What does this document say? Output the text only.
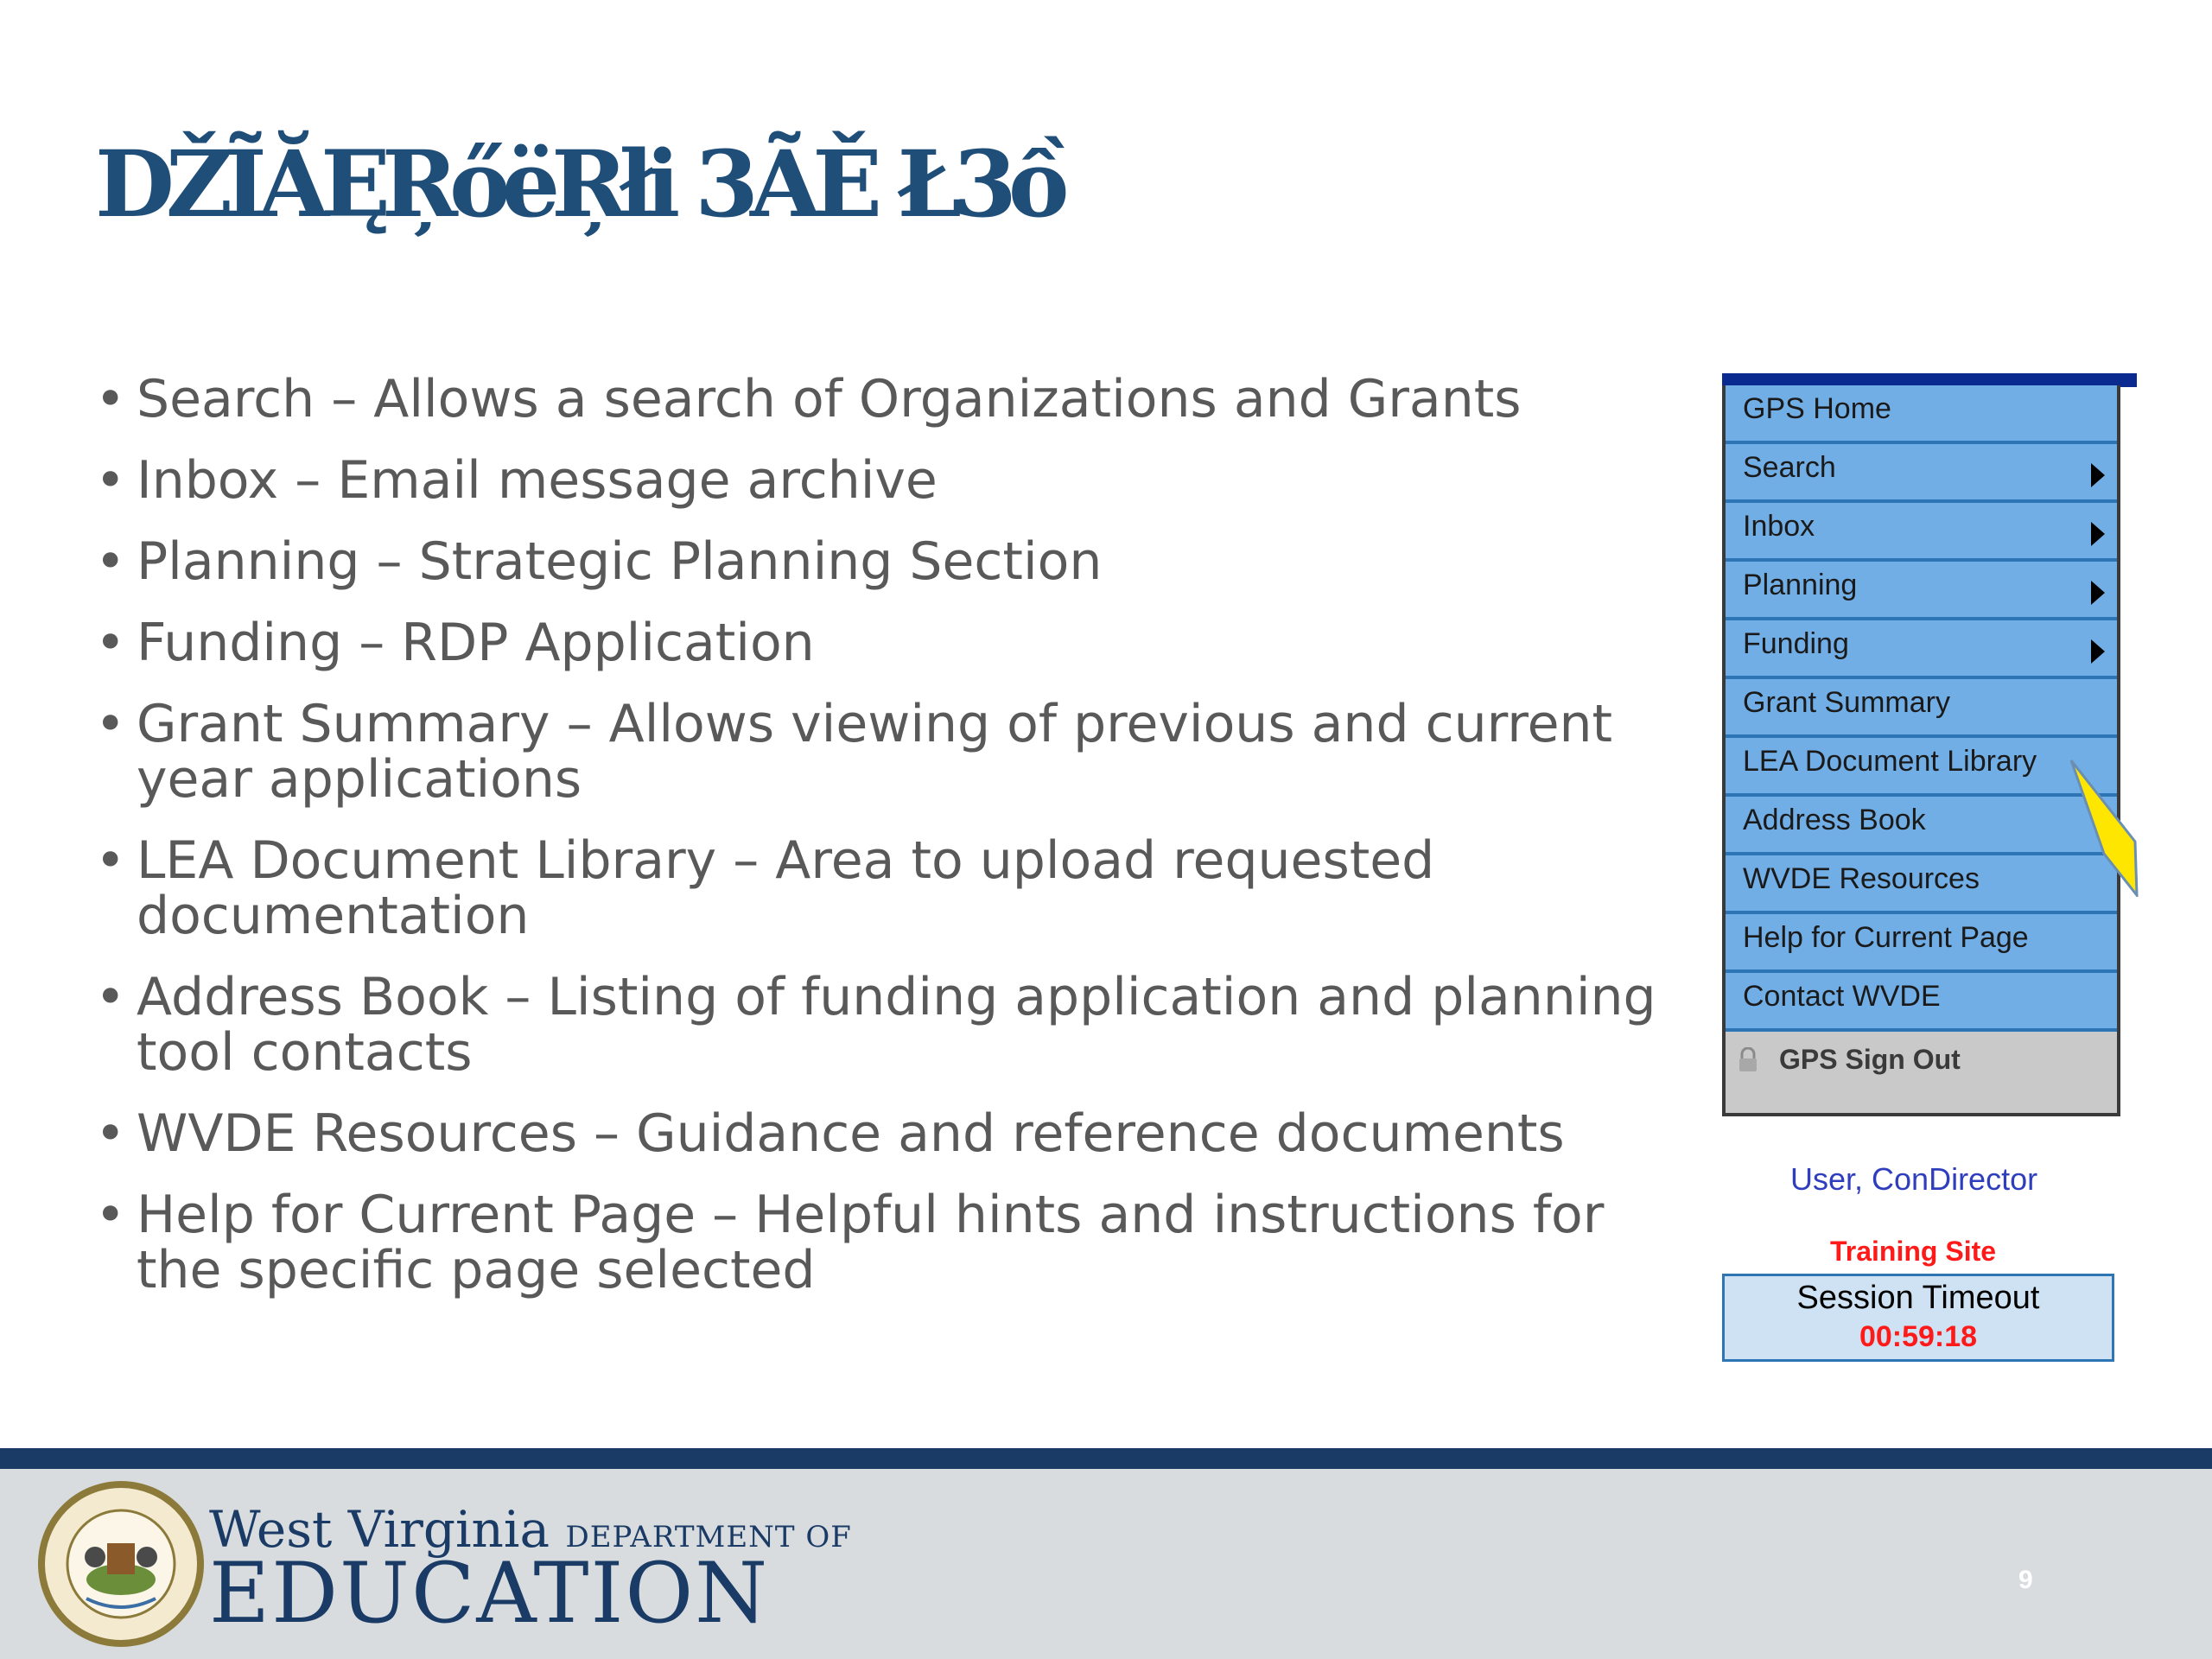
DŽĨĂĘŖőëŖłi 3ÃĚ Ł3ồ
• Search – Allows a search of Organizations and Grants
• Inbox – Email message archive
• Planning – Strategic Planning Section
• Funding – RDP Application
• Grant Summary – Allows viewing of previous and current year applications
• LEA Document Library – Area to upload requested documentation
• Address Book – Listing of funding application and planning tool contacts
• WVDE Resources – Guidance and reference documents
• Help for Current Page – Helpful hints and instructions for the specific page selected
GPS Home
Search
Inbox
Planning
Funding
Grant Summary
LEA Document Library
Address Book
WVDE Resources
Help for Current Page
Contact WVDE
GPS Sign Out
User, ConDirector
Training Site
Session Timeout
00:59:18
West Virginia DEPARTMENT OF
EDUCATION	9
